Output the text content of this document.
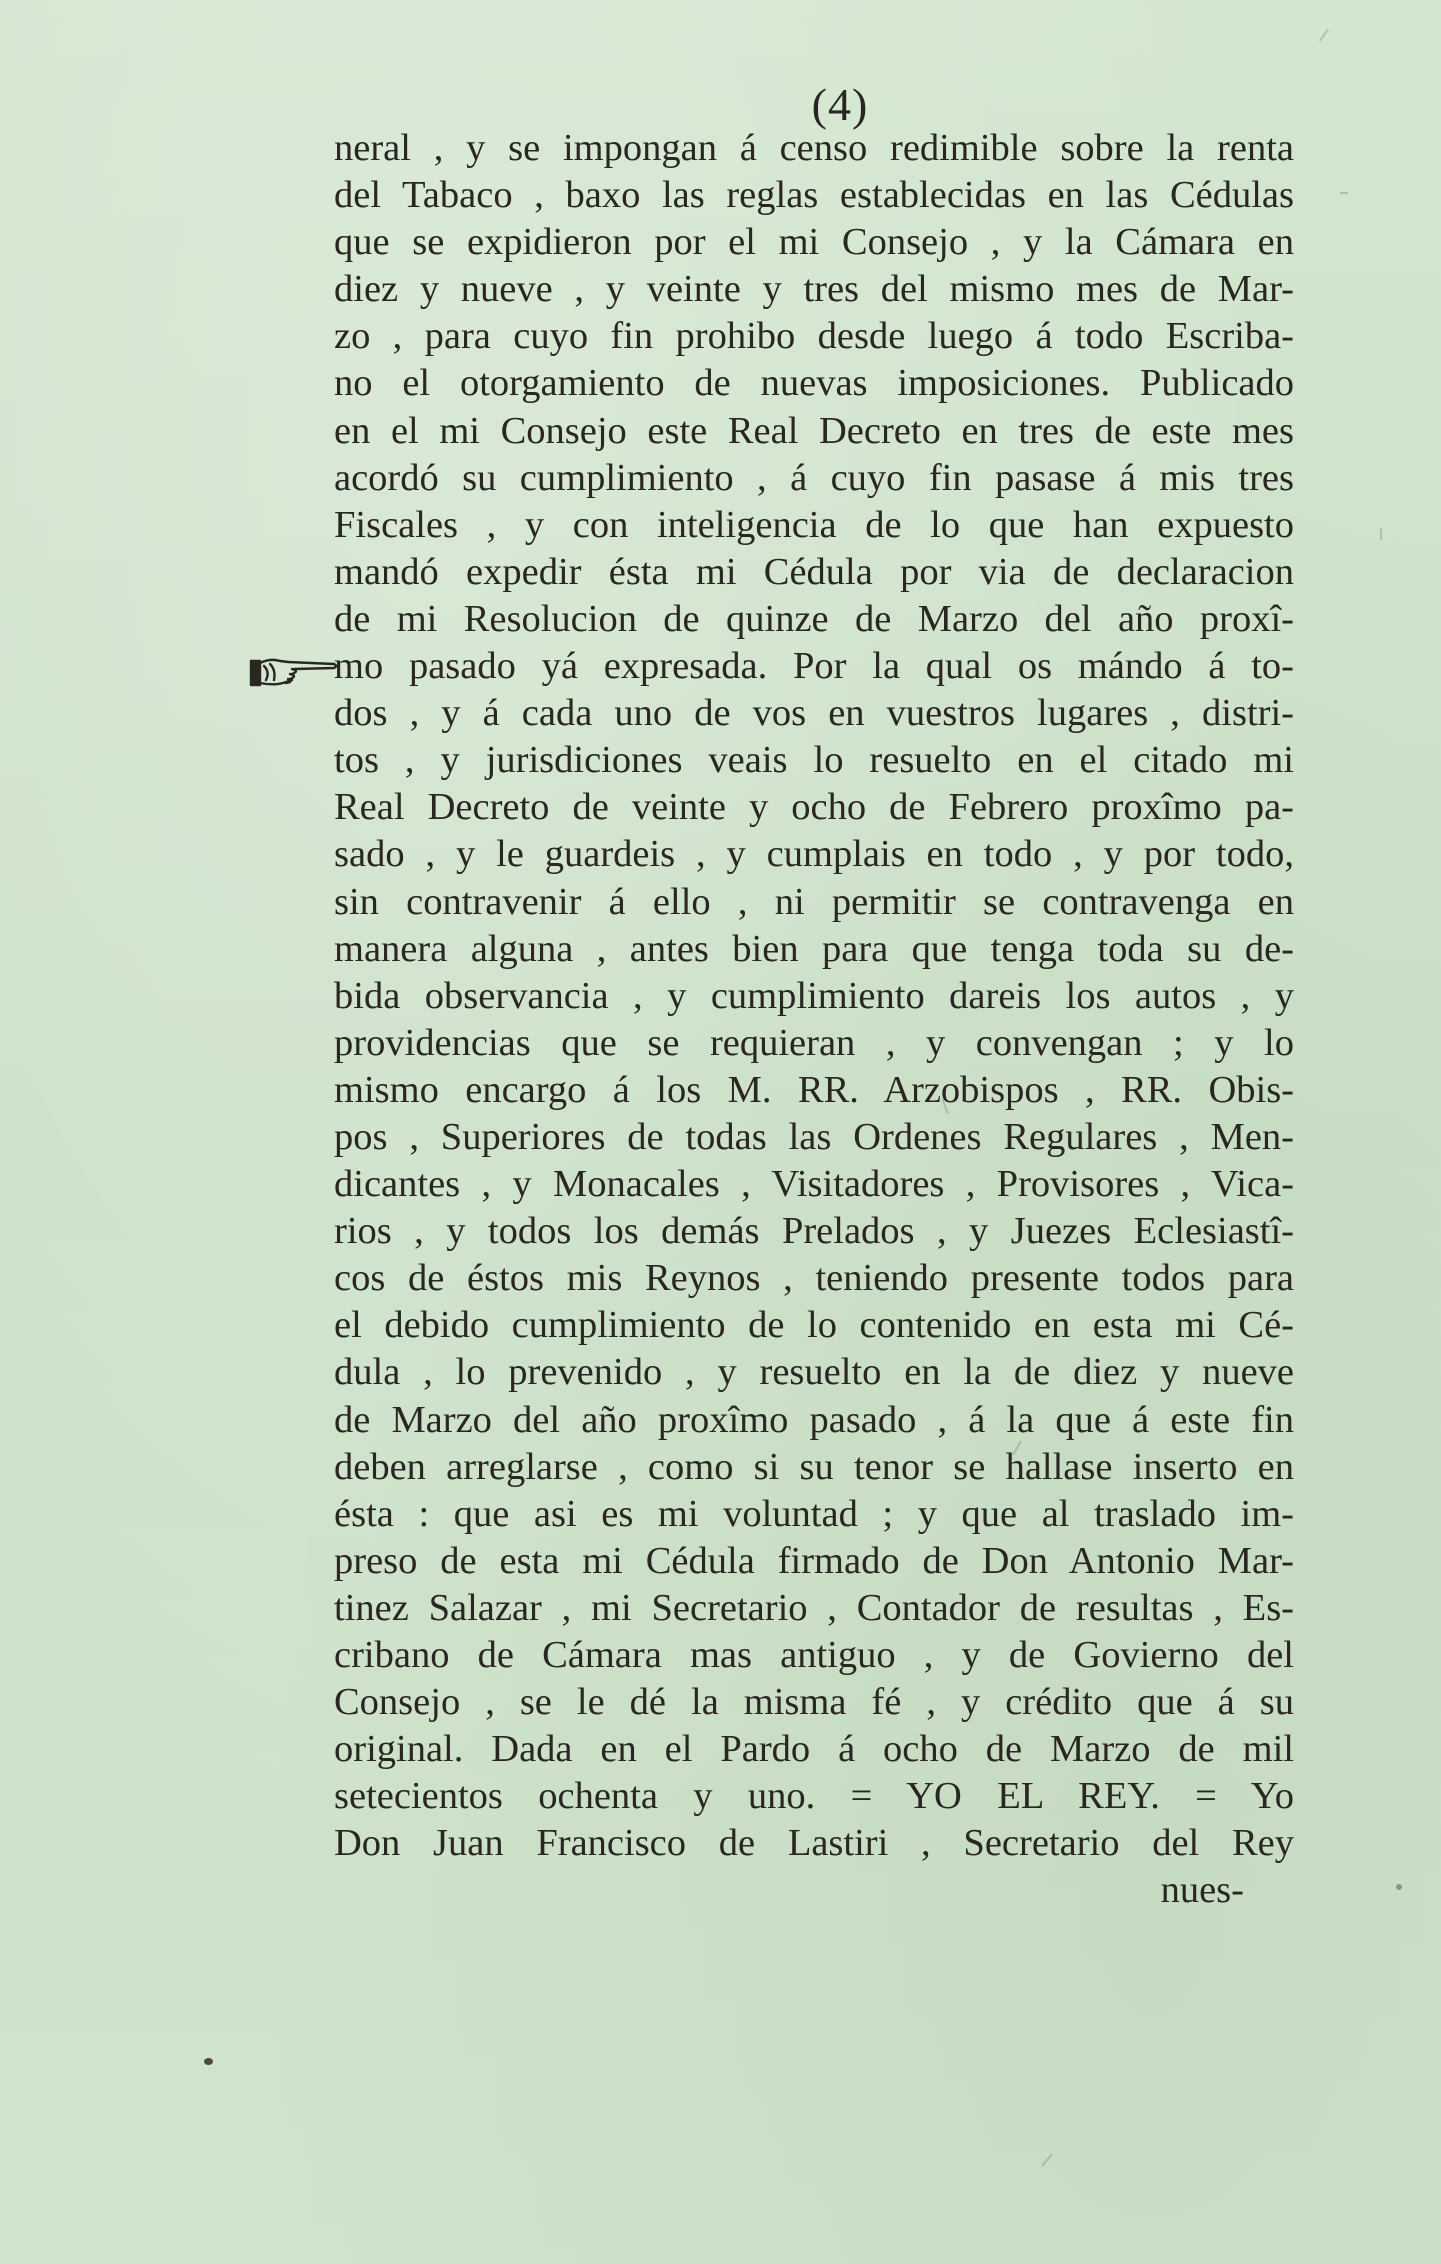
(4)
neral , y se impongan á censo redimible sobre la renta
del Tabaco , baxo las reglas establecidas en las Cédulas
que se expidieron por el mi Consejo , y la Cámara en
diez y nueve , y veinte y tres del mismo mes de Mar-
zo , para cuyo fin prohibo desde luego á todo Escriba-
no el otorgamiento de nuevas imposiciones. Publicado
en el mi Consejo este Real Decreto en tres de este mes
acordó su cumplimiento , á cuyo fin pasase á mis tres
Fiscales , y con inteligencia de lo que han expuesto
mandó expedir ésta mi Cédula por via de declaracion
de mi Resolucion de quinze de Marzo del año proxî-
mo pasado yá expresada. Por la qual os mándo á to-
dos , y á cada uno de vos en vuestros lugares , distri-
tos , y jurisdiciones veais lo resuelto en el citado mi
Real Decreto de veinte y ocho de Febrero proxîmo pa-
sado , y le guardeis , y cumplais en todo , y por todo,
sin contravenir á ello , ni permitir se contravenga en
manera alguna , antes bien para que tenga toda su de-
bida observancia , y cumplimiento dareis los autos , y
providencias que se requieran , y convengan ; y lo
mismo encargo á los M. RR. Arzobispos , RR. Obis-
pos , Superiores de todas las Ordenes Regulares , Men-
dicantes , y Monacales , Visitadores , Provisores , Vica-
rios , y todos los demás Prelados , y Juezes Eclesiastî-
cos de éstos mis Reynos , teniendo presente todos para
el debido cumplimiento de lo contenido en esta mi Cé-
dula , lo prevenido , y resuelto en la de diez y nueve
de Marzo del año proxîmo pasado , á la que á este fin
deben arreglarse , como si su tenor se hallase inserto en
ésta : que asi es mi voluntad ; y que al traslado im-
preso de esta mi Cédula firmado de Don Antonio Mar-
tinez Salazar , mi Secretario , Contador de resultas , Es-
cribano de Cámara mas antiguo , y de Govierno del
Consejo , se le dé la misma fé , y crédito que á su
original. Dada en el Pardo á ocho de Marzo de mil
setecientos ochenta y uno. = YO EL REY. = Yo
Don Juan Francisco de Lastiri , Secretario del Rey
nues-
